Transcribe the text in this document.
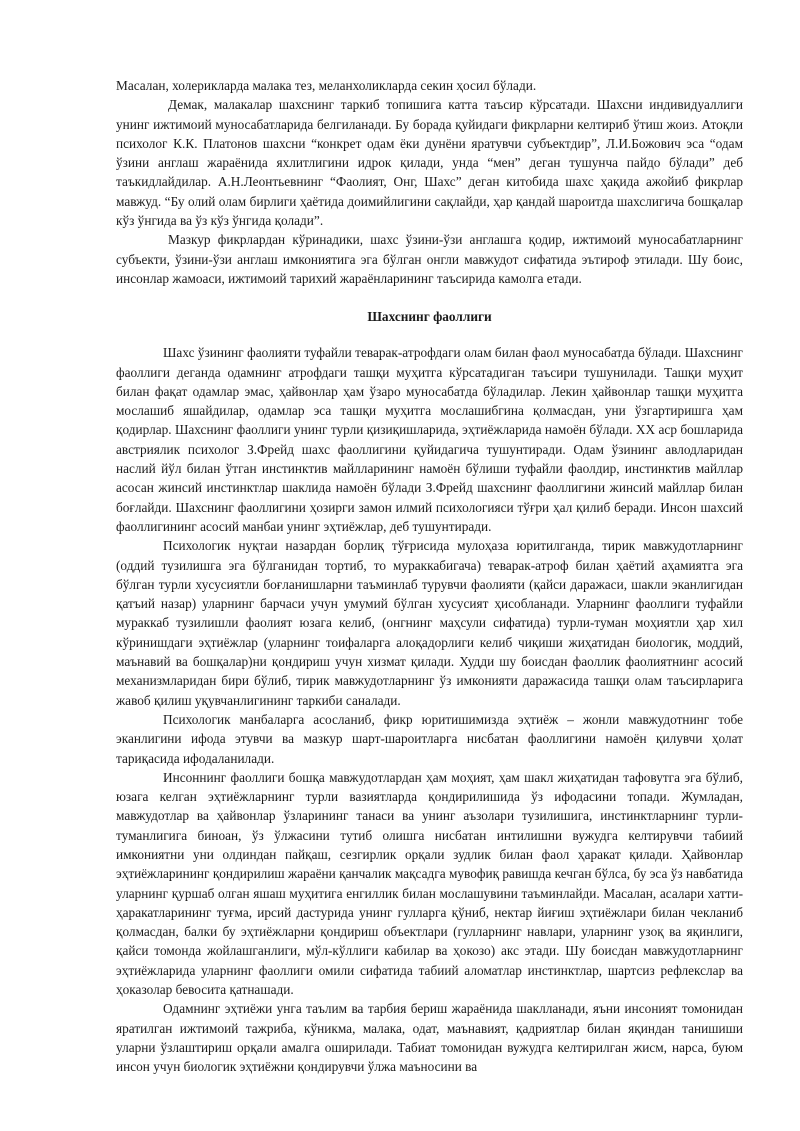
Масалан, холерикларда малака тез, меланхоликларда секин ҳосил бўлади.

Демак, малакалар шахснинг таркиб топишига катта таъсир кўрсатади. Шахсни индивидуаллиги унинг ижтимоий муносабатларида белгиланади. Бу борада қуйидаги фикрларни келтириб ўтиш жоиз. Атоқли психолог К.К. Платонов шахсни “конкрет одам ёки дунёни яратувчи субъектдир”, Л.И.Божович эса “одам ўзини англаш жараёнида яхлитлигини идрок қилади, унда “мен” деган тушунча пайдо бўлади” деб таъкидлайдилар. А.Н.Леонтьевнинг “Фаолият, Онг, Шахс” деган китобида шахс ҳақида ажойиб фикрлар мавжуд. “Бу олий олам бирлиги ҳаётида доимийлигини сақлайди, ҳар қандай шароитда шахслигича бошқалар кўз ўнгида ва ўз кўз ўнгида қолади”.

Мазкур фикрлардан кўринадики, шахс ўзини-ўзи англашга қодир, ижтимоий муносабатларнинг субъекти, ўзини-ўзи англаш имкониятига эга бўлган онгли мавжудот сифатида эътироф этилади. Шу боис, инсонлар жамоаси, ижтимоий тарихий жараёнларининг таъсирида камолга етади.

Шахснинг фаоллиги

Шахс ўзининг фаолияти туфайли теварак-атрофдаги олам билан фаол муносабатда бўлади. Шахснинг фаоллиги деганда одамнинг атрофдаги ташқи муҳитга кўрсатадиган таъсири тушунилади. Ташқи муҳит билан фақат одамлар эмас, ҳайвонлар ҳам ўзаро муносабатда бўладилар. Лекин ҳайвонлар ташқи муҳитга мослашиб яшайдилар, одамлар эса ташқи муҳитга мослашибгина қолмасдан, уни ўзгартиришга ҳам қодирлар. Шахснинг фаоллиги унинг турли қизиқишларида, эҳтиёжларида намоён бўлади. XX аср бошларида австриялик психолог З.Фрейд шахс фаоллигини қуйидагича тушунтиради. Одам ўзининг авлодларидан наслий йўл билан ўтган инстинктив майлларининг намоён бўлиши туфайли фаолдир, инстинктив майллар асосан жинсий инстинктлар шаклида намоён бўлади З.Фрейд шахснинг фаоллигини жинсий майллар билан боғлайди. Шахснинг фаоллигини ҳозирги замон илмий психологияси тўғри ҳал қилиб беради. Инсон шахсий фаоллигининг асосий манбаи унинг эҳтиёжлар, деб тушунтиради.

Психологик нуқтаи назардан борлиқ тўғрисида мулоҳаза юритилганда, тирик мавжудотларнинг (оддий тузилишга эга бўлганидан тортиб, то мураккабигача) теварак-атроф билан ҳаётий аҳамиятга эга бўлган турли хусусиятли боғланишларни таъминлаб турувчи фаолияти (қайси даражаси, шакли эканлигидан қатъий назар) уларнинг барчаси учун умумий бўлган хусусият ҳисобланади. Уларнинг фаоллиги туфайли мураккаб тузилишли фаолият юзага келиб, (онгнинг маҳсули сифатида) турли-туман моҳиятли ҳар хил кўринишдаги эҳтиёжлар (уларнинг тоифаларга алоқадорлиги келиб чиқиши жиҳатидан биологик, моддий, маънавий ва бошқалар)ни қондириш учун хизмат қилади. Худди шу боисдан фаоллик фаолиятнинг асосий механизмларидан бири бўлиб, тирик мавжудотларнинг ўз имконияти даражасида ташқи олам таъсирларига жавоб қилиш уқувчанлигининг таркиби саналади.

Психологик манбаларга асосланиб, фикр юритишимизда эҳтиёж – жонли мавжудотнинг тобе эканлигини ифода этувчи ва мазкур шарт-шароитларга нисбатан фаоллигини намоён қилувчи ҳолат тариқасида ифодаланилади.

Инсоннинг фаоллиги бошқа мавжудотлардан ҳам моҳият, ҳам шакл жиҳатидан тафовутга эга бўлиб, юзага келган эҳтиёжларнинг турли вазиятларда қондирилишида ўз ифодасини топади. Жумладан, мавжудотлар ва ҳайвонлар ўзларининг танаси ва унинг аъзолари тузилишига, инстинктларнинг турли-туманлигига биноан, ўз ўлжасини тутиб олишга нисбатан интилишни вужудга келтирувчи табиий имкониятни уни олдиндан пайқаш, сезгирлик орқали зудлик билан фаол ҳаракат қилади. Ҳайвонлар эҳтиёжларининг қондирилиш жараёни қанчалик мақсадга мувофиқ равишда кечган бўлса, бу эса ўз навбатида уларнинг қуршаб олган яшаш муҳитига енгиллик билан мослашувини таъминлайди. Масалан, асалари хатти-ҳаракатларининг туғма, ирсий дастурида унинг гулларга қўниб, нектар йиғиш эҳтиёжлари билан чекланиб қолмасдан, балки бу эҳтиёжларни қондириш объектлари (гулларнинг навлари, уларнинг узоқ ва яқинлиги, қайси томонда жойлашганлиги, мўл-кўллиги кабилар ва ҳокозо) акс этади. Шу боисдан мавжудотларнинг эҳтиёжларида уларнинг фаоллиги омили сифатида табиий аломатлар инстинктлар, шартсиз рефлекслар ва ҳоказолар бевосита қатнашади.

Одамнинг эҳтиёжи унга таълим ва тарбия бериш жараёнида шаклланади, яъни инсоният томонидан яратилган ижтимоий тажриба, кўникма, малака, одат, маънавият, қадриятлар билан яқиндан танишиши уларни ўзлаштириш орқали амалга оширилади. Табиат томонидан вужудга келтирилган жисм, нарса, буюм инсон учун биологик эҳтиёжни қондирувчи ўлжа маъносини ва
